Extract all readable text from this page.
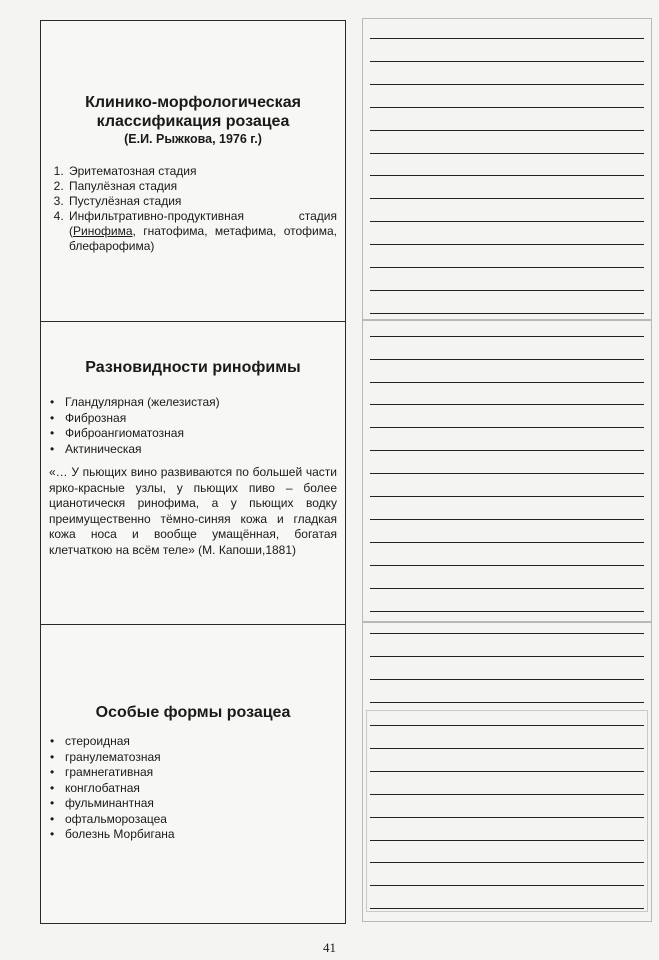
Клинико-морфологическая
классификация розацеа

(Е.И. Рыжкова, 1976 г.)

1. Эритематозная стадия
2. Папулёзная стадия
3. Пустулёзная стадия
4. Инфильтративно-продуктивная стадия
(Ринофима, гнатофима, метафима, отофима, блефарофима)

Разновидности ринофимы

• Гландулярная (железистая)
• Фиброзная
• Фиброангиоматозная
• Актиническая

«… У пьющих вино развиваются по большей части ярко-красные узлы, у пьющих пиво – более цианотическя ринофима, а у пьющих водку преимущественно тёмно-синяя кожа и гладкая кожа носа и вообще умащённая, богатая клетчаткою на всём теле» (М. Капоши,1881)

Особые формы розацеа

• стероидная
• гранулематозная
• грамнегативная
• конглобатная
• фульминантная
• офтальморозацеа
• болезнь Морбигана
41
